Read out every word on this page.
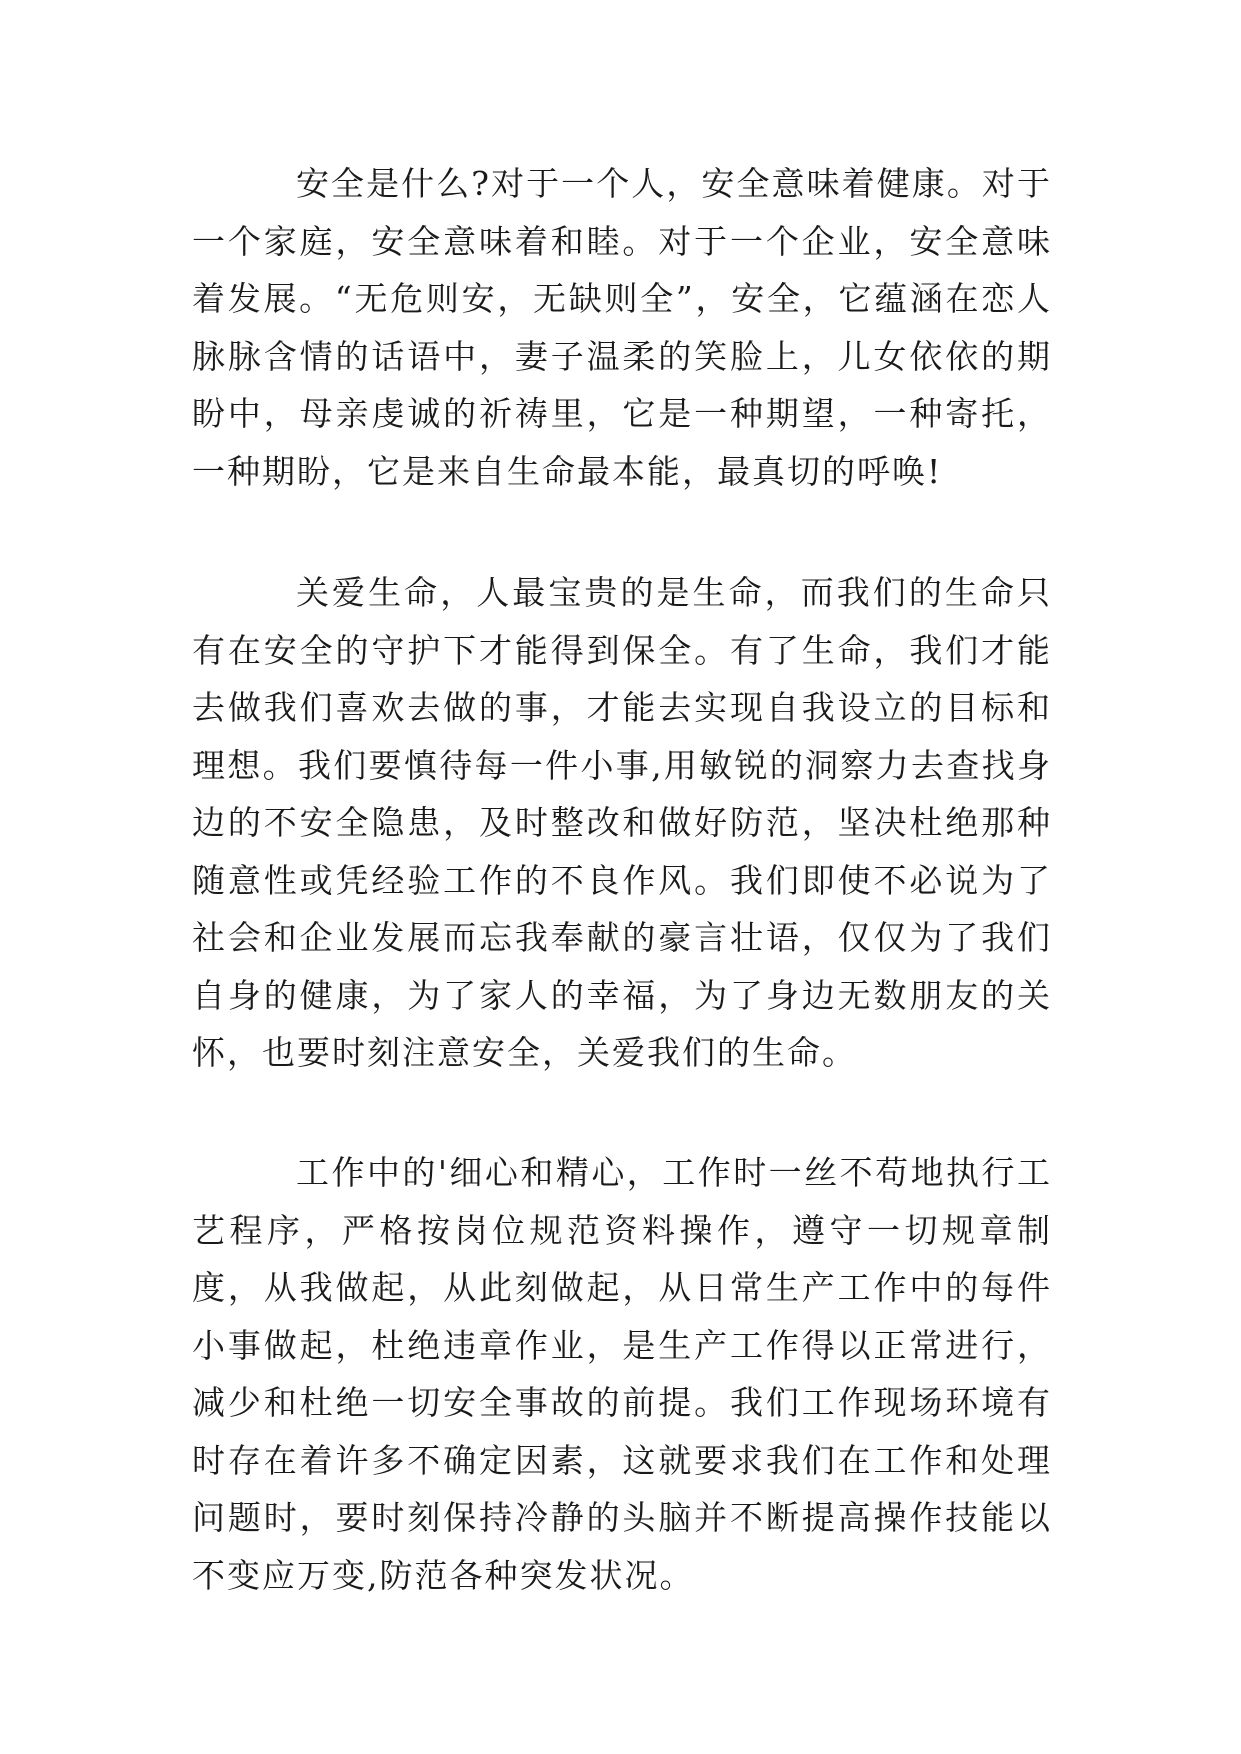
安全是什么?对于一个人，安全意味着健康。对于一个家庭，安全意味着和睦。对于一个企业，安全意味着发展。“无危则安，无缺则全”，安全，它蕴涵在恋人脉脉含情的话语中，妻子温柔的笑脸上，儿女依依的期盼中，母亲虔诚的祈祷里，它是一种期望，一种寄托，一种期盼，它是来自生命最本能，最真切的呼唤!

关爱生命，人最宝贵的是生命，而我们的生命只有在安全的守护下才能得到保全。有了生命，我们才能去做我们喜欢去做的事，才能去实现自我设立的目标和理想。我们要慎待每一件小事,用敏锐的洞察力去查找身边的不安全隐患，及时整改和做好防范，坚决杜绝那种随意性或凭经验工作的不良作风。我们即使不必说为了社会和企业发展而忘我奉献的豪言壮语，仅仅为了我们自身的健康，为了家人的幸福，为了身边无数朋友的关怀，也要时刻注意安全，关爱我们的生命。

工作中的'细心和精心，工作时一丝不苟地执行工艺程序，严格按岗位规范资料操作，遵守一切规章制度，从我做起，从此刻做起，从日常生产工作中的每件小事做起，杜绝违章作业，是生产工作得以正常进行，减少和杜绝一切安全事故的前提。我们工作现场环境有时存在着许多不确定因素，这就要求我们在工作和处理问题时，要时刻保持冷静的头脑并不断提高操作技能以不变应万变,防范各种突发状况。
